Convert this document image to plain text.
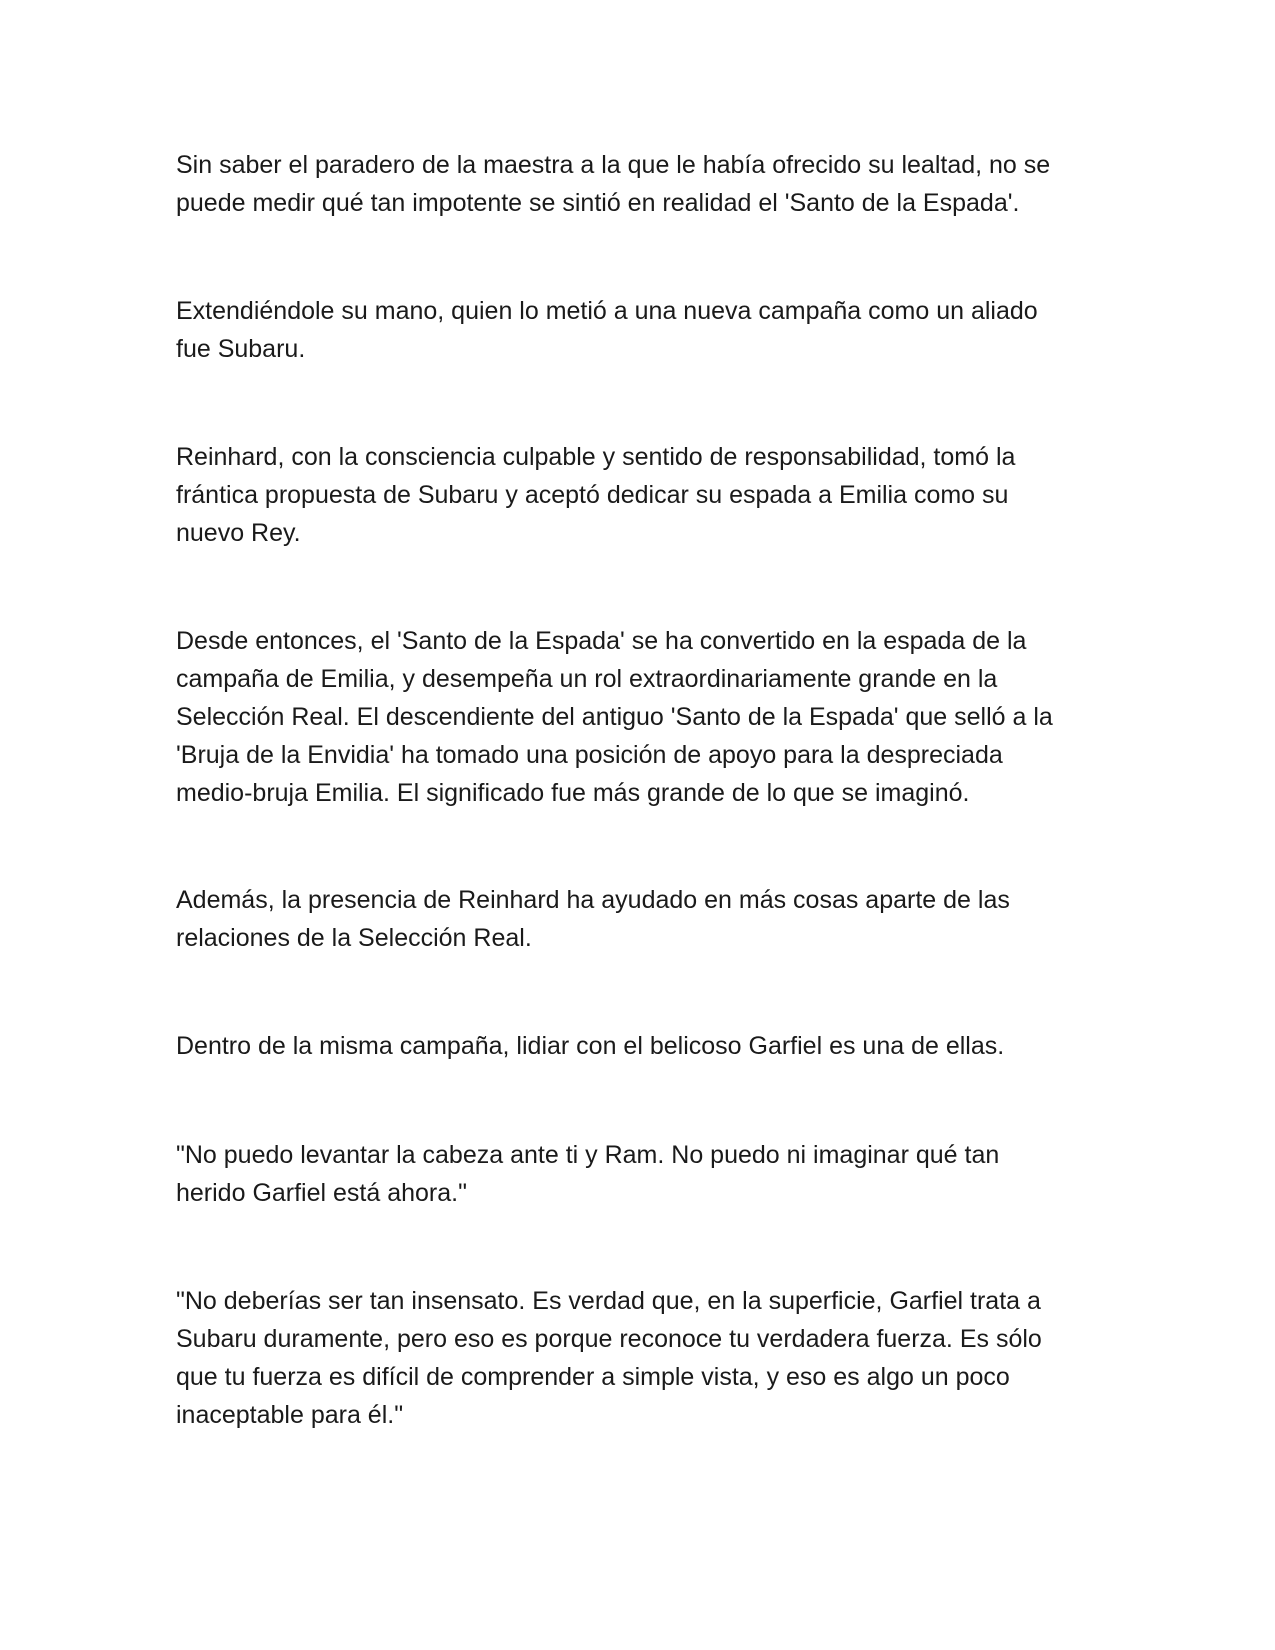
Sin saber el paradero de la maestra a la que le había ofrecido su lealtad, no se
puede medir qué tan impotente se sintió en realidad el 'Santo de la Espada'.

Extendiéndole su mano, quien lo metió a una nueva campaña como un aliado
fue Subaru.

Reinhard, con la consciencia culpable y sentido de responsabilidad, tomó la
frántica propuesta de Subaru y aceptó dedicar su espada a Emilia como su
nuevo Rey.

Desde entonces, el 'Santo de la Espada' se ha convertido en la espada de la
campaña de Emilia, y desempeña un rol extraordinariamente grande en la
Selección Real. El descendiente del antiguo 'Santo de la Espada' que selló a la
'Bruja de la Envidia' ha tomado una posición de apoyo para la despreciada
medio-bruja Emilia. El significado fue más grande de lo que se imaginó.

Además, la presencia de Reinhard ha ayudado en más cosas aparte de las
relaciones de la Selección Real.

Dentro de la misma campaña, lidiar con el belicoso Garfiel es una de ellas.

"No puedo levantar la cabeza ante ti y Ram. No puedo ni imaginar qué tan
herido Garfiel está ahora."

"No deberías ser tan insensato. Es verdad que, en la superficie, Garfiel trata a
Subaru duramente, pero eso es porque reconoce tu verdadera fuerza. Es sólo
que tu fuerza es difícil de comprender a simple vista, y eso es algo un poco
inaceptable para él."
